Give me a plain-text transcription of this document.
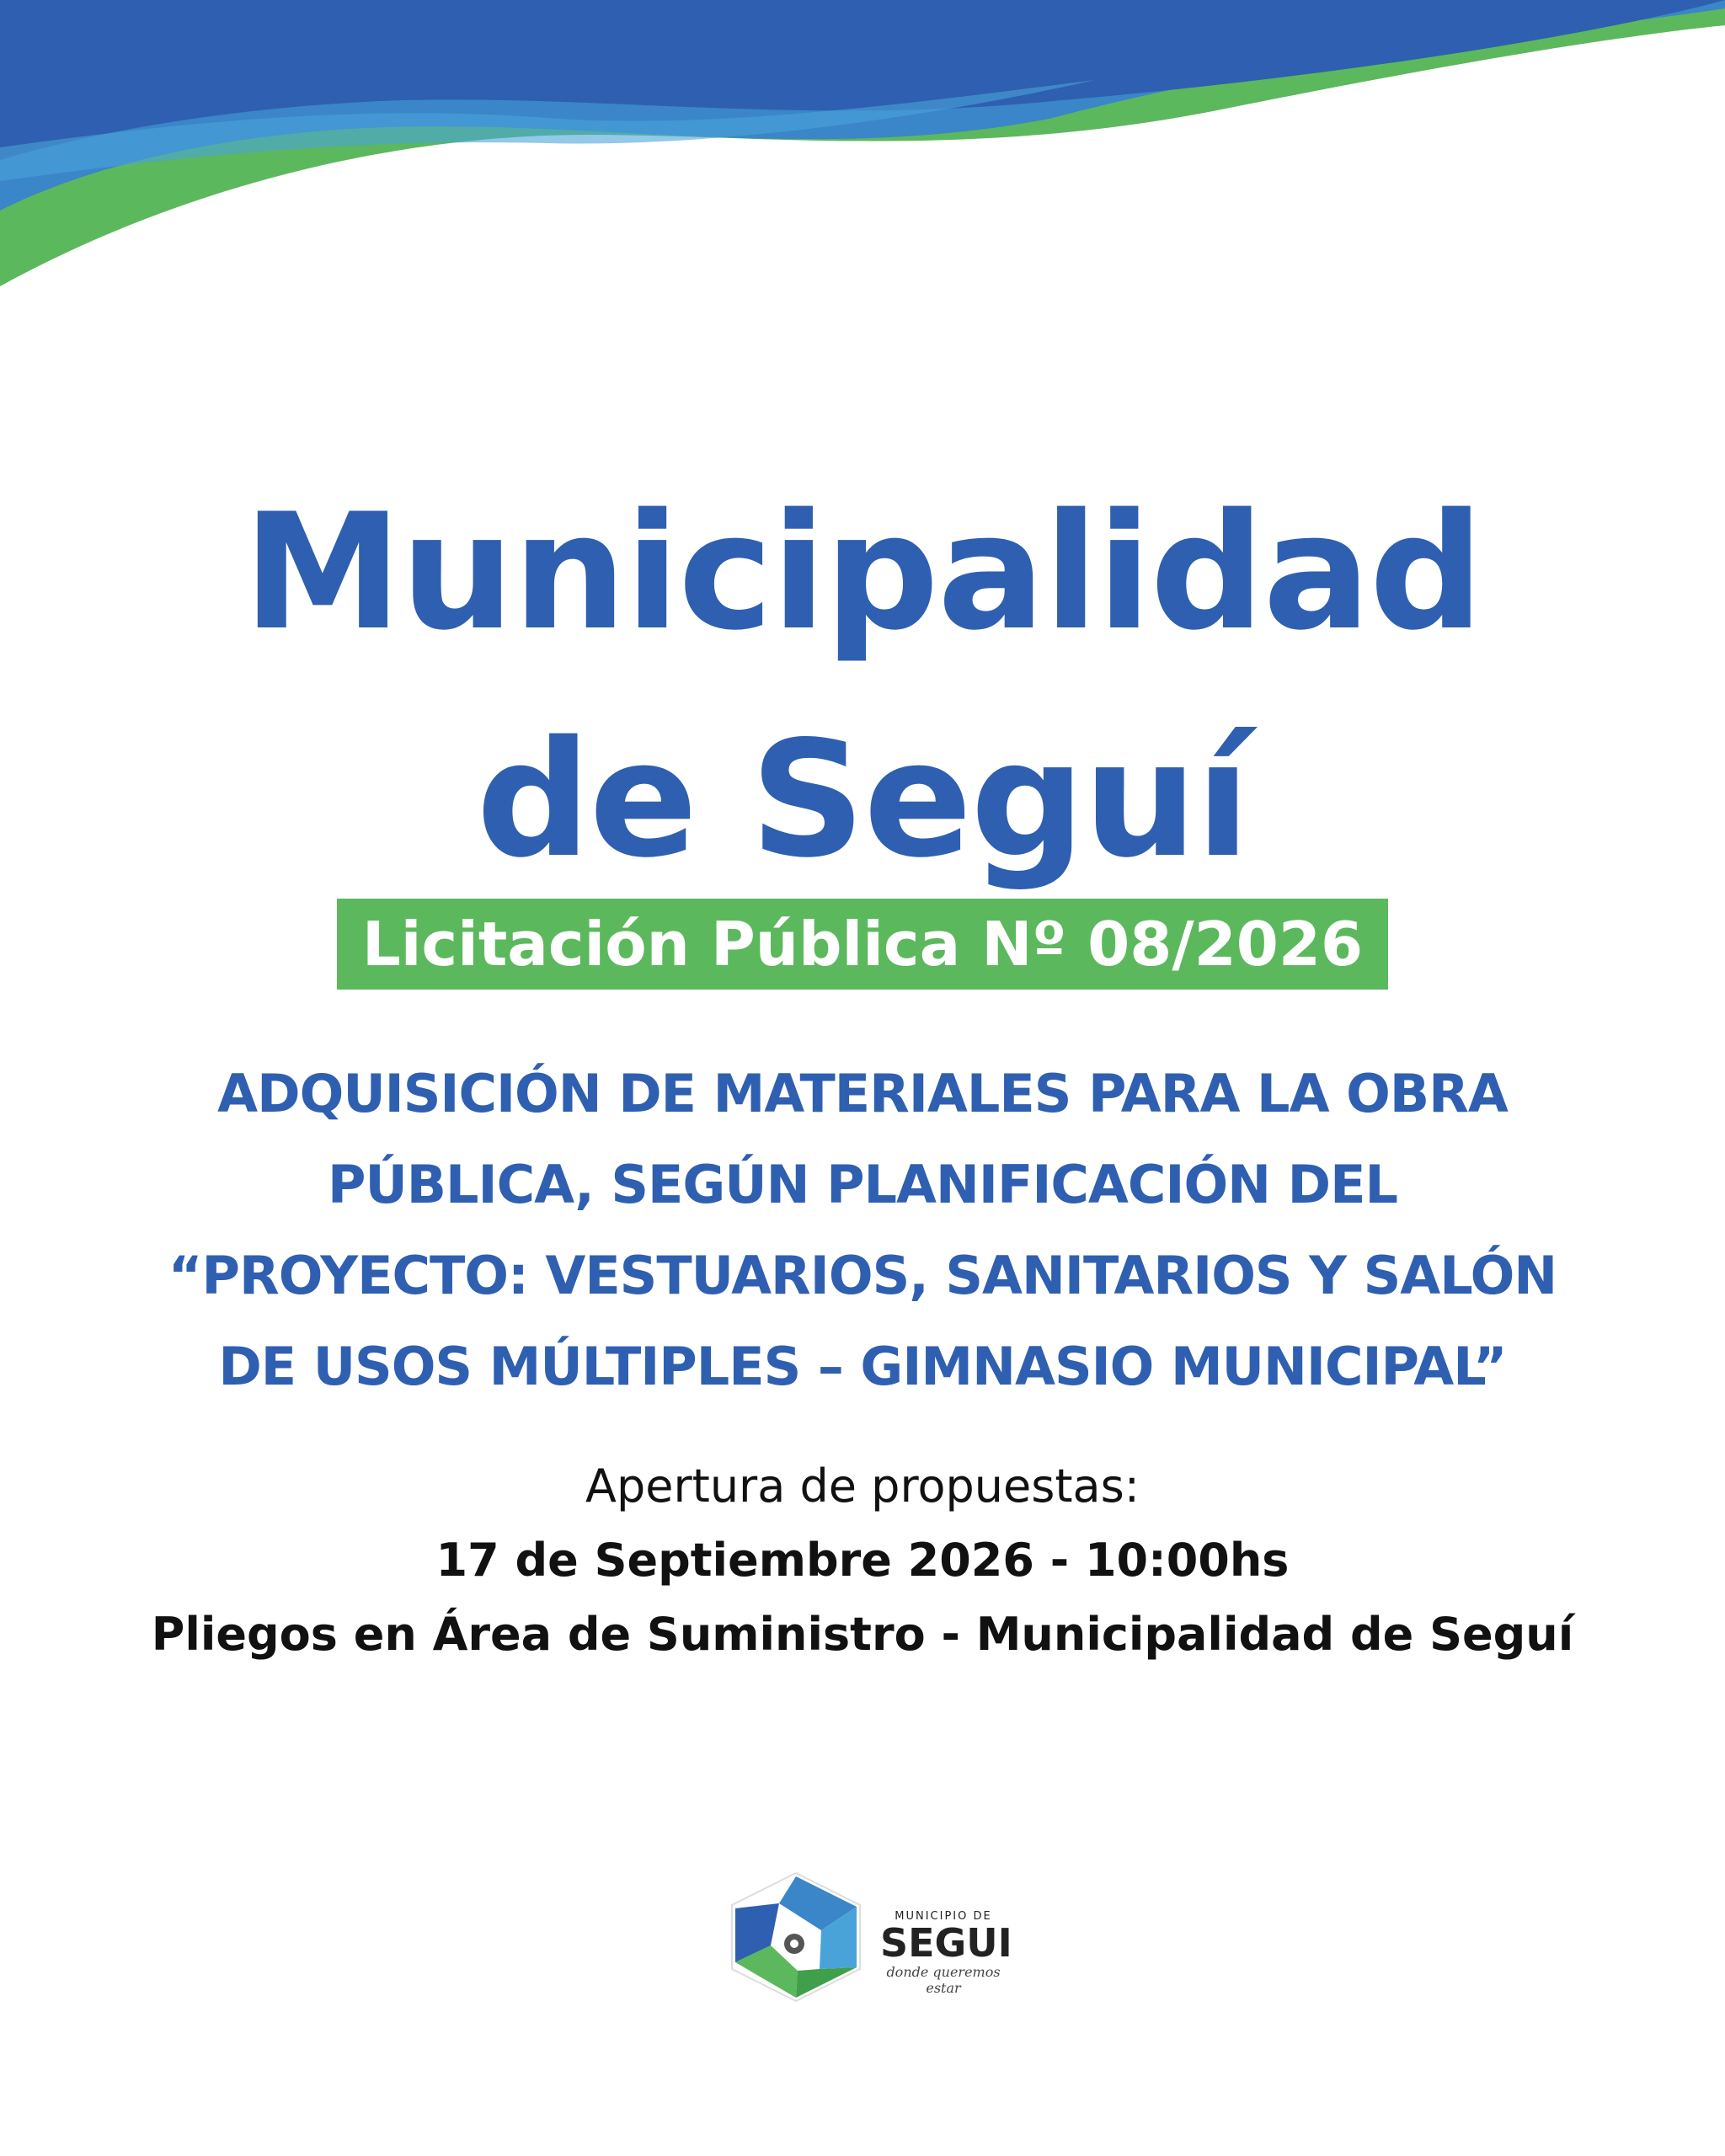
Municipalidad
de Seguí
Licitación Pública Nº 08/2026
ADQUISICIÓN DE MATERIALES PARA LA OBRA
PÚBLICA, SEGÚN PLANIFICACIÓN DEL
“PROYECTO: VESTUARIOS, SANITARIOS Y SALÓN
DE USOS MÚLTIPLES – GIMNASIO MUNICIPAL”
Apertura de propuestas:
17 de Septiembre 2026 - 10:00hs
Pliegos en Área de Suministro - Municipalidad de Seguí
MUNICIPIO DE
SEGUI
donde queremos estar
